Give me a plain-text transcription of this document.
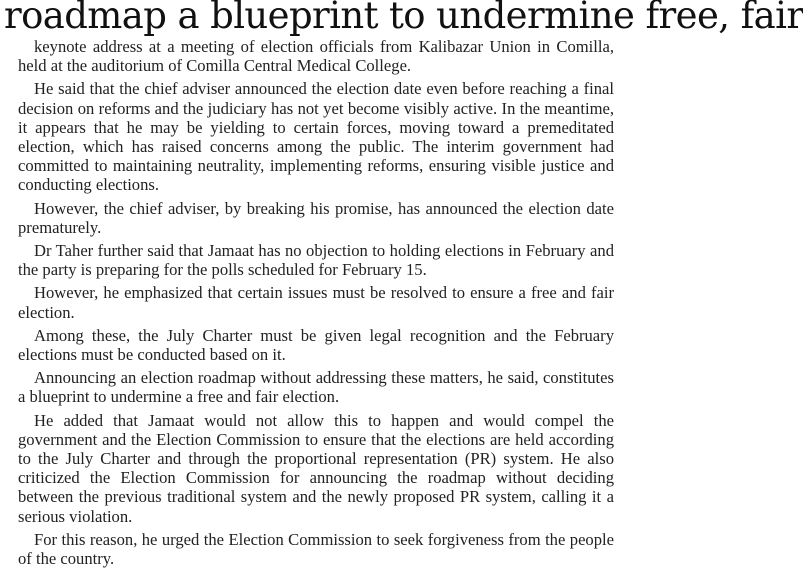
roadmap a blueprint to undermine free, fair

keynote address at a meeting of election officials from Kalibazar Union in Comilla, held at the auditorium of Comilla Central Medical College.

He said that the chief adviser announced the election date even before reaching a final decision on reforms and the judiciary has not yet become visibly active. In the meantime, it appears that he may be yielding to certain forces, moving toward a premeditated election, which has raised concerns among the public. The interim government had committed to maintaining neutrality, implementing reforms, ensuring visible justice and conducting elections.

However, the chief adviser, by breaking his promise, has announced the election date prematurely.

Dr Taher further said that Jamaat has no objection to holding elections in February and the party is preparing for the polls scheduled for February 15.

However, he emphasized that certain issues must be resolved to ensure a free and fair election.

Among these, the July Charter must be given legal recognition and the February elections must be conducted based on it.

Announcing an election roadmap without addressing these matters, he said, constitutes a blueprint to undermine a free and fair election.

He added that Jamaat would not allow this to happen and would compel the government and the Election Commission to ensure that the elections are held according to the July Charter and through the proportional representation (PR) system. He also criticized the Election Commission for announcing the roadmap without deciding between the previous traditional system and the newly proposed PR system, calling it a serious violation.

For this reason, he urged the Election Commission to seek forgiveness from the people of the country.
